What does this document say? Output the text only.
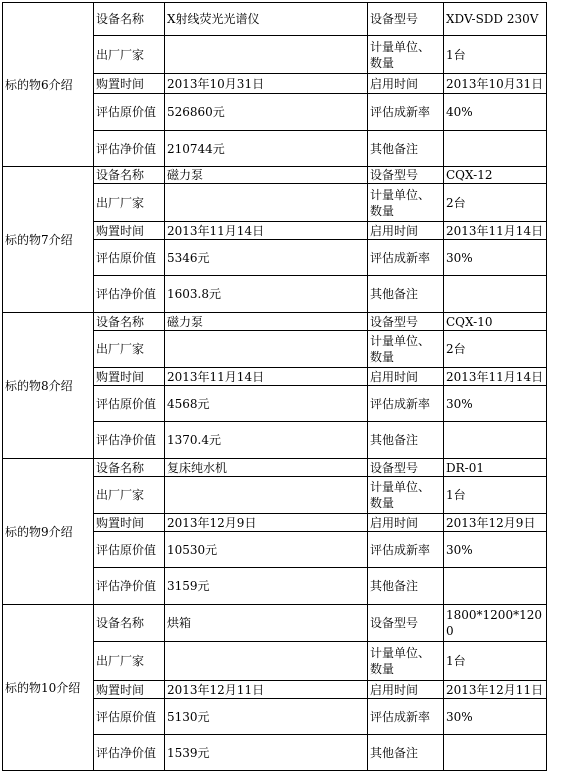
标的物6介绍	设备名称	X射线荧光光谱仪	设备型号	XDV-SDD 230V
	出厂厂家		计量单位、数量	1台
	购置时间	2013年10月31日	启用时间	2013年10月31日
	评估原价值	526860元	评估成新率	40%
	评估净价值	210744元	其他备注	
标的物7介绍	设备名称	磁力泵	设备型号	CQX-12
	出厂厂家		计量单位、数量	2台
	购置时间	2013年11月14日	启用时间	2013年11月14日
	评估原价值	5346元	评估成新率	30%
	评估净价值	1603.8元	其他备注	
标的物8介绍	设备名称	磁力泵	设备型号	CQX-10
	出厂厂家		计量单位、数量	2台
	购置时间	2013年11月14日	启用时间	2013年11月14日
	评估原价值	4568元	评估成新率	30%
	评估净价值	1370.4元	其他备注	
标的物9介绍	设备名称	复床纯水机	设备型号	DR-01
	出厂厂家		计量单位、数量	1台
	购置时间	2013年12月9日	启用时间	2013年12月9日
	评估原价值	10530元	评估成新率	30%
	评估净价值	3159元	其他备注	
标的物10介绍	设备名称	烘箱	设备型号	1800*1200*1200
	出厂厂家		计量单位、数量	1台
	购置时间	2013年12月11日	启用时间	2013年12月11日
	评估原价值	5130元	评估成新率	30%
	评估净价值	1539元	其他备注	
